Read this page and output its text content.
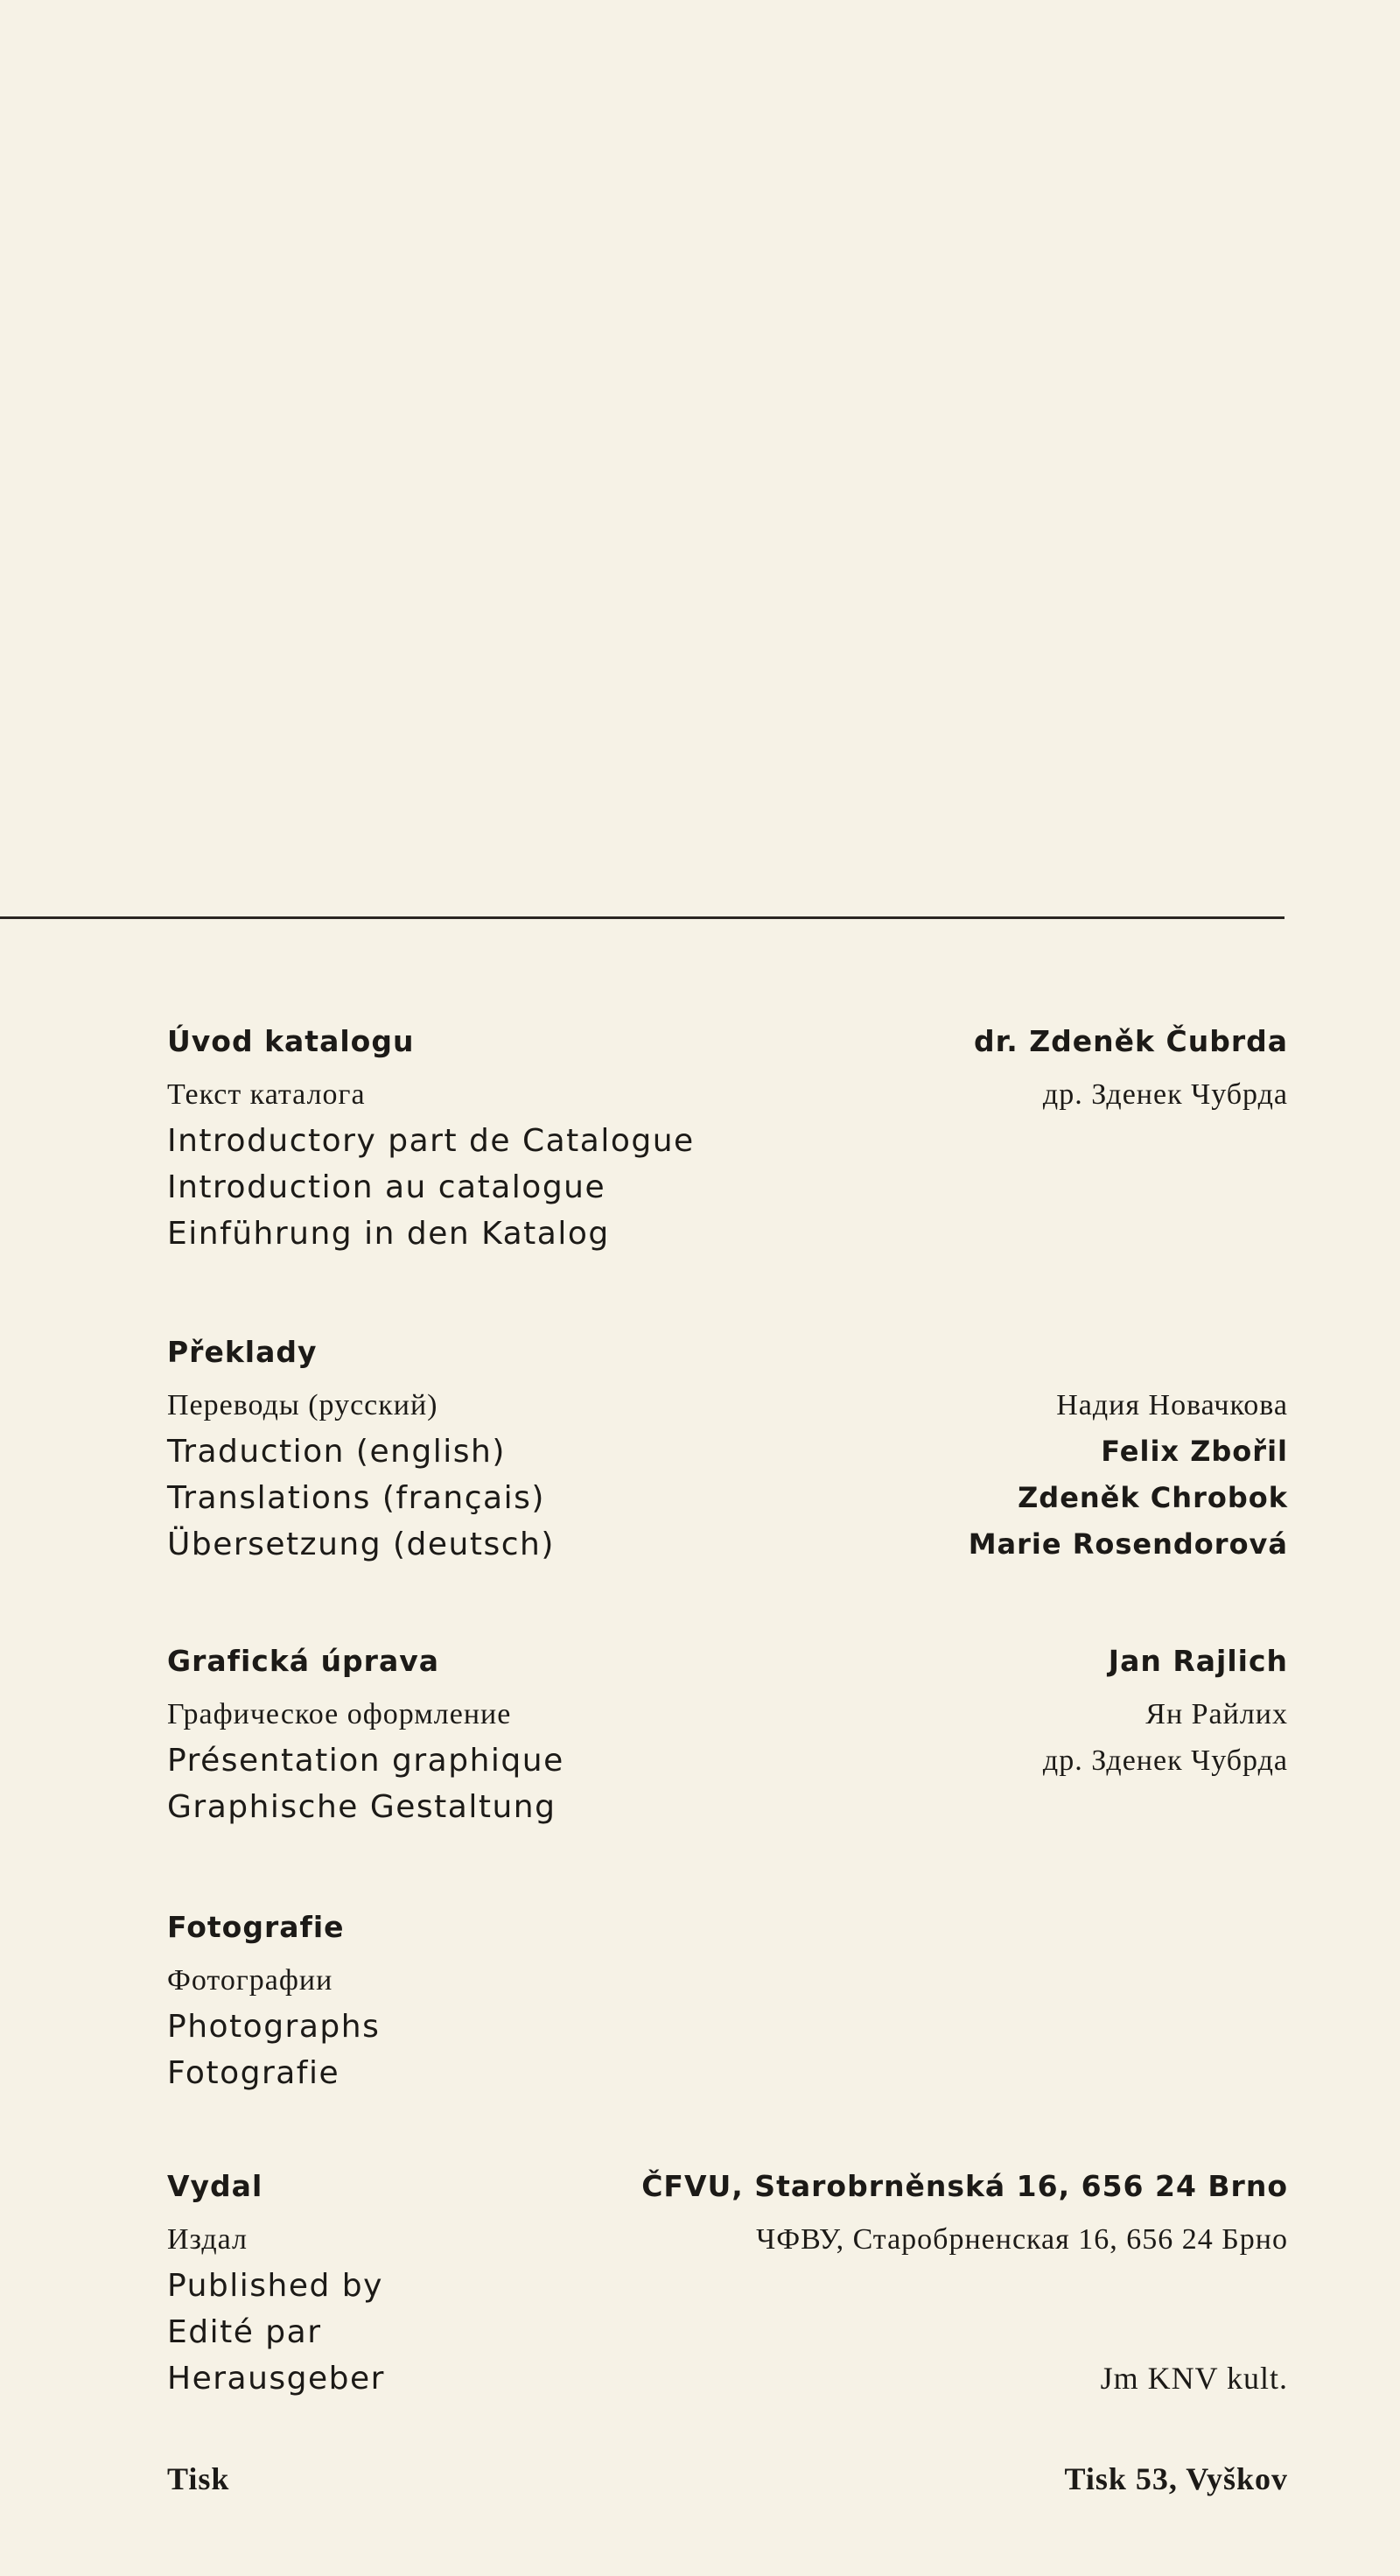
Úvod katalogu
Текст каталога
Introductory part de Catalogue
Introduction au catalogue
Einführung in den Katalog
dr. Zdeněk Čubrda
др. Зденек Чубрда
Překlady
Переводы (русский)
Traduction (english)
Translations (français)
Übersetzung (deutsch)
Надия Новачкова
Felix Zbořil
Zdeněk Chrobok
Marie Rosendorová
Grafická úprava
Графическое оформление
Présentation graphique
Graphische Gestaltung
Jan Rajlich
Ян Райлих
др. Зденек Чубрда
Fotografie
Фотографии
Photographs
Fotografie
Vydal
Издал
Published by
Edité par
Herausgeber
ČFVU, Starobrněnská 16, 656 24 Brno
ЧФВУ, Старобрненская 16, 656 24 Брно
Jm KNV kult.
Tisk	Tisk 53, Vyškov
